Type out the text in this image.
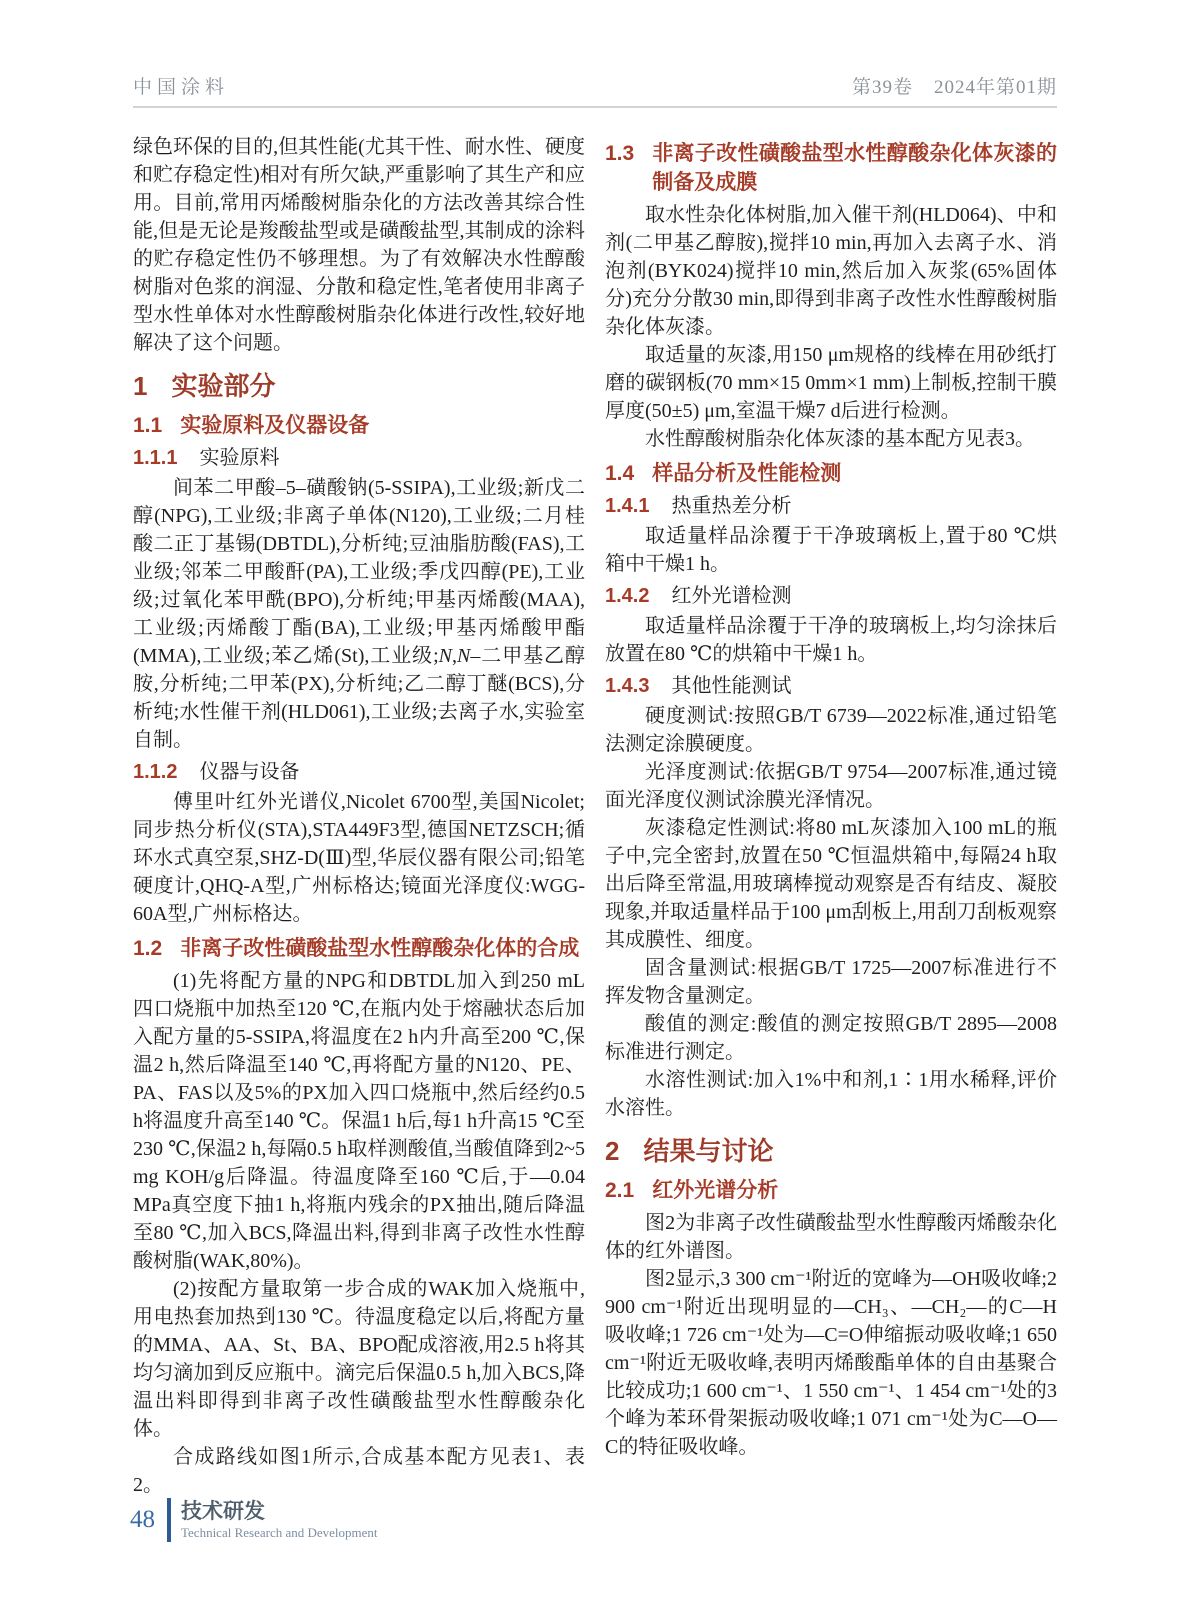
中国涂料	第39卷  2024年第01期

绿色环保的目的,但其性能(尤其干性、耐水性、硬度和贮存稳定性)相对有所欠缺,严重影响了其生产和应用。目前,常用丙烯酸树脂杂化的方法改善其综合性能,但是无论是羧酸盐型或是磺酸盐型,其制成的涂料的贮存稳定性仍不够理想。为了有效解决水性醇酸树脂对色浆的润湿、分散和稳定性,笔者使用非离子型水性单体对水性醇酸树脂杂化体进行改性,较好地解决了这个问题。

1 实验部分
1.1 实验原料及仪器设备
1.1.1 实验原料

间苯二甲酸–5–磺酸钠(5-SSIPA),工业级;新戊二醇(NPG),工业级;非离子单体(N120),工业级;二月桂酸二正丁基锡(DBTDL),分析纯;豆油脂肪酸(FAS),工业级;邻苯二甲酸酐(PA),工业级;季戊四醇(PE),工业级;过氧化苯甲酰(BPO),分析纯;甲基丙烯酸(MAA),工业级;丙烯酸丁酯(BA),工业级;甲基丙烯酸甲酯(MMA),工业级;苯乙烯(St),工业级;N,N–二甲基乙醇胺,分析纯;二甲苯(PX),分析纯;乙二醇丁醚(BCS),分析纯;水性催干剂(HLD061),工业级;去离子水,实验室自制。

1.1.2 仪器与设备

傅里叶红外光谱仪,Nicolet 6700型,美国Nicolet;同步热分析仪(STA),STA449F3型,德国NETZSCH;循环水式真空泵,SHZ-D(Ⅲ)型,华辰仪器有限公司;铅笔硬度计,QHQ-A型,广州标格达;镜面光泽度仪:WGG-60A型,广州标格达。

1.2 非离子改性磺酸盐型水性醇酸杂化体的合成

(1)先将配方量的NPG和DBTDL加入到250 mL四口烧瓶中加热至120 ℃,在瓶内处于熔融状态后加入配方量的5-SSIPA,将温度在2 h内升高至200 ℃,保温2 h,然后降温至140 ℃,再将配方量的N120、PE、PA、FAS以及5%的PX加入四口烧瓶中,然后经约0.5 h将温度升高至140 ℃。保温1 h后,每1 h升高15 ℃至230 ℃,保温2 h,每隔0.5 h取样测酸值,当酸值降到2~5 mg KOH/g后降温。待温度降至160 ℃后,于—0.04 MPa真空度下抽1 h,将瓶内残余的PX抽出,随后降温至80 ℃,加入BCS,降温出料,得到非离子改性水性醇酸树脂(WAK,80%)。

(2)按配方量取第一步合成的WAK加入烧瓶中,用电热套加热到130 ℃。待温度稳定以后,将配方量的MMA、AA、St、BA、BPO配成溶液,用2.5 h将其均匀滴加到反应瓶中。滴完后保温0.5 h,加入BCS,降温出料即得到非离子改性磺酸盐型水性醇酸杂化体。

合成路线如图1所示,合成基本配方见表1、表2。

1.3 非离子改性磺酸盐型水性醇酸杂化体灰漆的制备及成膜

取水性杂化体树脂,加入催干剂(HLD064)、中和剂(二甲基乙醇胺),搅拌10 min,再加入去离子水、消泡剂(BYK024)搅拌10 min,然后加入灰浆(65%固体分)充分分散30 min,即得到非离子改性水性醇酸树脂杂化体灰漆。

取适量的灰漆,用150 μm规格的线棒在用砂纸打磨的碳钢板(70 mm×15 0mm×1 mm)上制板,控制干膜厚度(50±5) μm,室温干燥7 d后进行检测。

水性醇酸树脂杂化体灰漆的基本配方见表3。

1.4 样品分析及性能检测
1.4.1 热重热差分析

取适量样品涂覆于干净玻璃板上,置于80 ℃烘箱中干燥1 h。

1.4.2 红外光谱检测

取适量样品涂覆于干净的玻璃板上,均匀涂抹后放置在80 ℃的烘箱中干燥1 h。

1.4.3 其他性能测试

硬度测试:按照GB/T 6739—2022标准,通过铅笔法测定涂膜硬度。

光泽度测试:依据GB/T 9754—2007标准,通过镜面光泽度仪测试涂膜光泽情况。

灰漆稳定性测试:将80 mL灰漆加入100 mL的瓶子中,完全密封,放置在50 ℃恒温烘箱中,每隔24 h取出后降至常温,用玻璃棒搅动观察是否有结皮、凝胶现象,并取适量样品于100 μm刮板上,用刮刀刮板观察其成膜性、细度。

固含量测试:根据GB/T 1725—2007标准进行不挥发物含量测定。

酸值的测定:酸值的测定按照GB/T 2895—2008标准进行测定。

水溶性测试:加入1%中和剂,1∶1用水稀释,评价水溶性。

2 结果与讨论
2.1 红外光谱分析

图2为非离子改性磺酸盐型水性醇酸丙烯酸杂化体的红外谱图。

图2显示,3 300 cm⁻¹附近的宽峰为—OH吸收峰;2 900 cm⁻¹附近出现明显的—CH₃、—CH₂—的C—H吸收峰;1 726 cm⁻¹处为—C=O伸缩振动吸收峰;1 650 cm⁻¹附近无吸收峰,表明丙烯酸酯单体的自由基聚合比较成功;1 600 cm⁻¹、1 550 cm⁻¹、1 454 cm⁻¹处的3个峰为苯环骨架振动吸收峰;1 071 cm⁻¹处为C—O—C的特征吸收峰。

48 技术研发
Technical Research and Development
